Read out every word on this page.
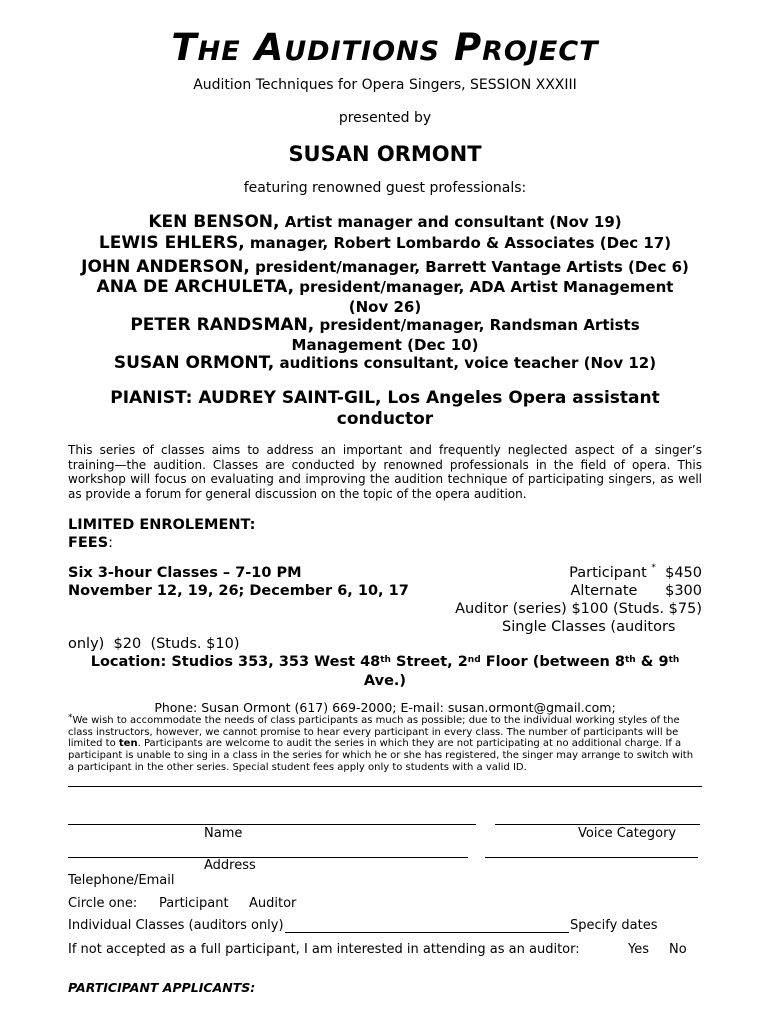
THE AUDITIONS PROJECT
Audition Techniques for Opera Singers, SESSION XXXIII
presented by
SUSAN ORMONT
featuring renowned guest professionals:
KEN BENSON, Artist manager and consultant (Nov 19)
LEWIS EHLERS, manager, Robert Lombardo & Associates (Dec 17)
JOHN ANDERSON, president/manager, Barrett Vantage Artists (Dec 6)
ANA DE ARCHULETA, president/manager, ADA Artist Management
(Nov 26)
PETER RANDSMAN, president/manager, Randsman Artists
Management (Dec 10)
SUSAN ORMONT, auditions consultant, voice teacher (Nov 12)
PIANIST: AUDREY SAINT-GIL, Los Angeles Opera assistant
conductor
This series of classes aims to address an important and frequently neglected aspect of a singer’s training—the audition. Classes are conducted by renowned professionals in the field of opera. This workshop will focus on evaluating and improving the audition technique of participating singers, as well as provide a forum for general discussion on the topic of the opera audition.
LIMITED ENROLEMENT:
FEES:
Six 3-hour Classes – 7-10 PM
November 12, 19, 26; December 6, 10, 17
Participant *  $450
Alternate      $300
Auditor (series) $100 (Studs. $75)
Single Classes (auditors
only)  $20  (Studs. $10)
Location: Studios 353, 353 West 48th Street, 2nd Floor (between 8th & 9th
Ave.)
Phone: Susan Ormont (617) 669-2000; E-mail: susan.ormont@gmail.com;
*We wish to accommodate the needs of class participants as much as possible; due to the individual working styles of the class instructors, however, we cannot promise to hear every participant in every class. The number of participants will be limited to ten. Participants are welcome to audit the series in which they are not participating at no additional charge. If a participant is unable to sing in a class in the series for which he or she has registered, the singer may arrange to switch with a participant in the other series. Special student fees apply only to students with a valid ID.
Name	Voice Category
Address
Telephone/Email
Circle one: Participant Auditor
Individual Classes (auditors only)	Specify dates
If not accepted as a full participant, I am interested in attending as an auditor:	Yes No
PARTICIPANT APPLICANTS:
